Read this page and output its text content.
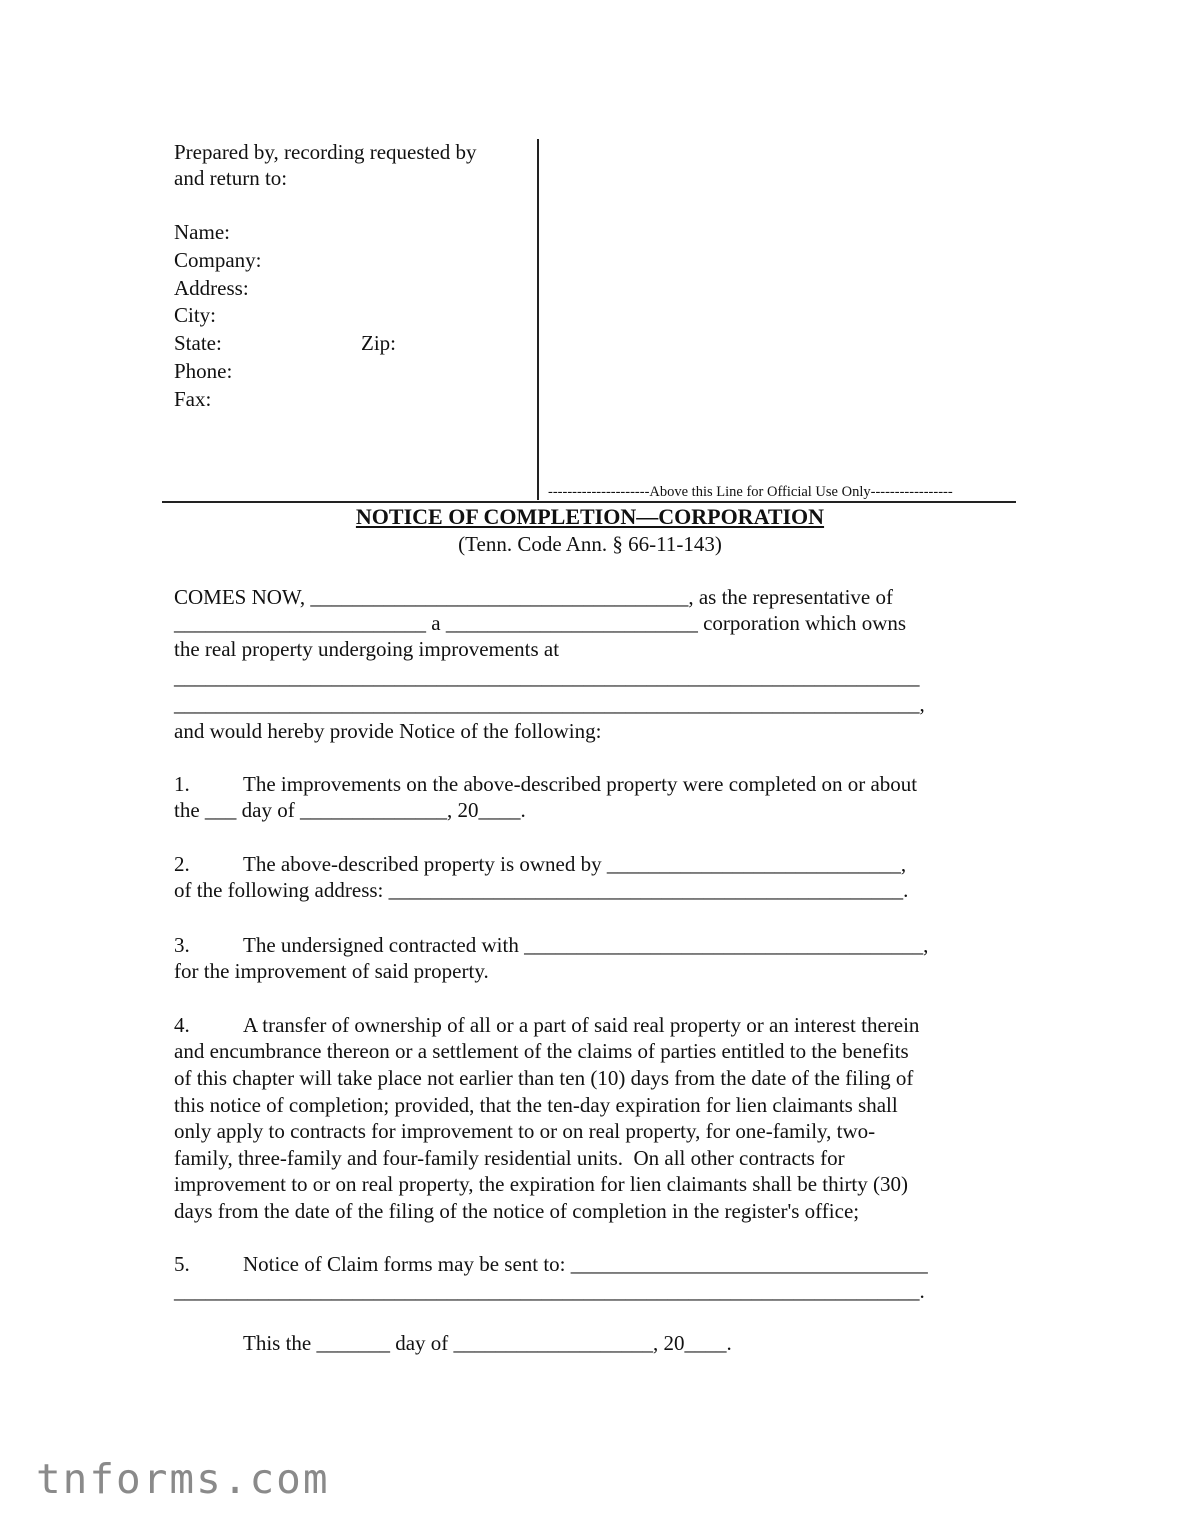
Prepared by, recording requested by
and return to:
Name:
Company:
Address:
City:
State:	Zip:
Phone:
Fax:
---------------------Above this Line for Official Use Only-----------------
NOTICE OF COMPLETION—CORPORATION
(Tenn. Code Ann. § 66-11-143)
COMES NOW, ____________________________________, as the representative of
________________________ a ________________________ corporation which owns
the real property undergoing improvements at
_______________________________________________________________________
_______________________________________________________________________,
and would hereby provide Notice of the following:
1.	The improvements on the above-described property were completed on or about
the ___ day of ______________, 20____.
2.	The above-described property is owned by ____________________________,
of the following address: _________________________________________________.
3.	The undersigned contracted with ______________________________________,
for the improvement of said property.
4.	A transfer of ownership of all or a part of said real property or an interest therein
and encumbrance thereon or a settlement of the claims of parties entitled to the benefits
of this chapter will take place not earlier than ten (10) days from the date of the filing of
this notice of completion; provided, that the ten-day expiration for lien claimants shall
only apply to contracts for improvement to or on real property, for one-family, two-
family, three-family and four-family residential units.  On all other contracts for
improvement to or on real property, the expiration for lien claimants shall be thirty (30)
days from the date of the filing of the notice of completion in the register's office;
5.	Notice of Claim forms may be sent to: __________________________________
_______________________________________________________________________.
This the _______ day of ___________________, 20____.
tnforms.com
